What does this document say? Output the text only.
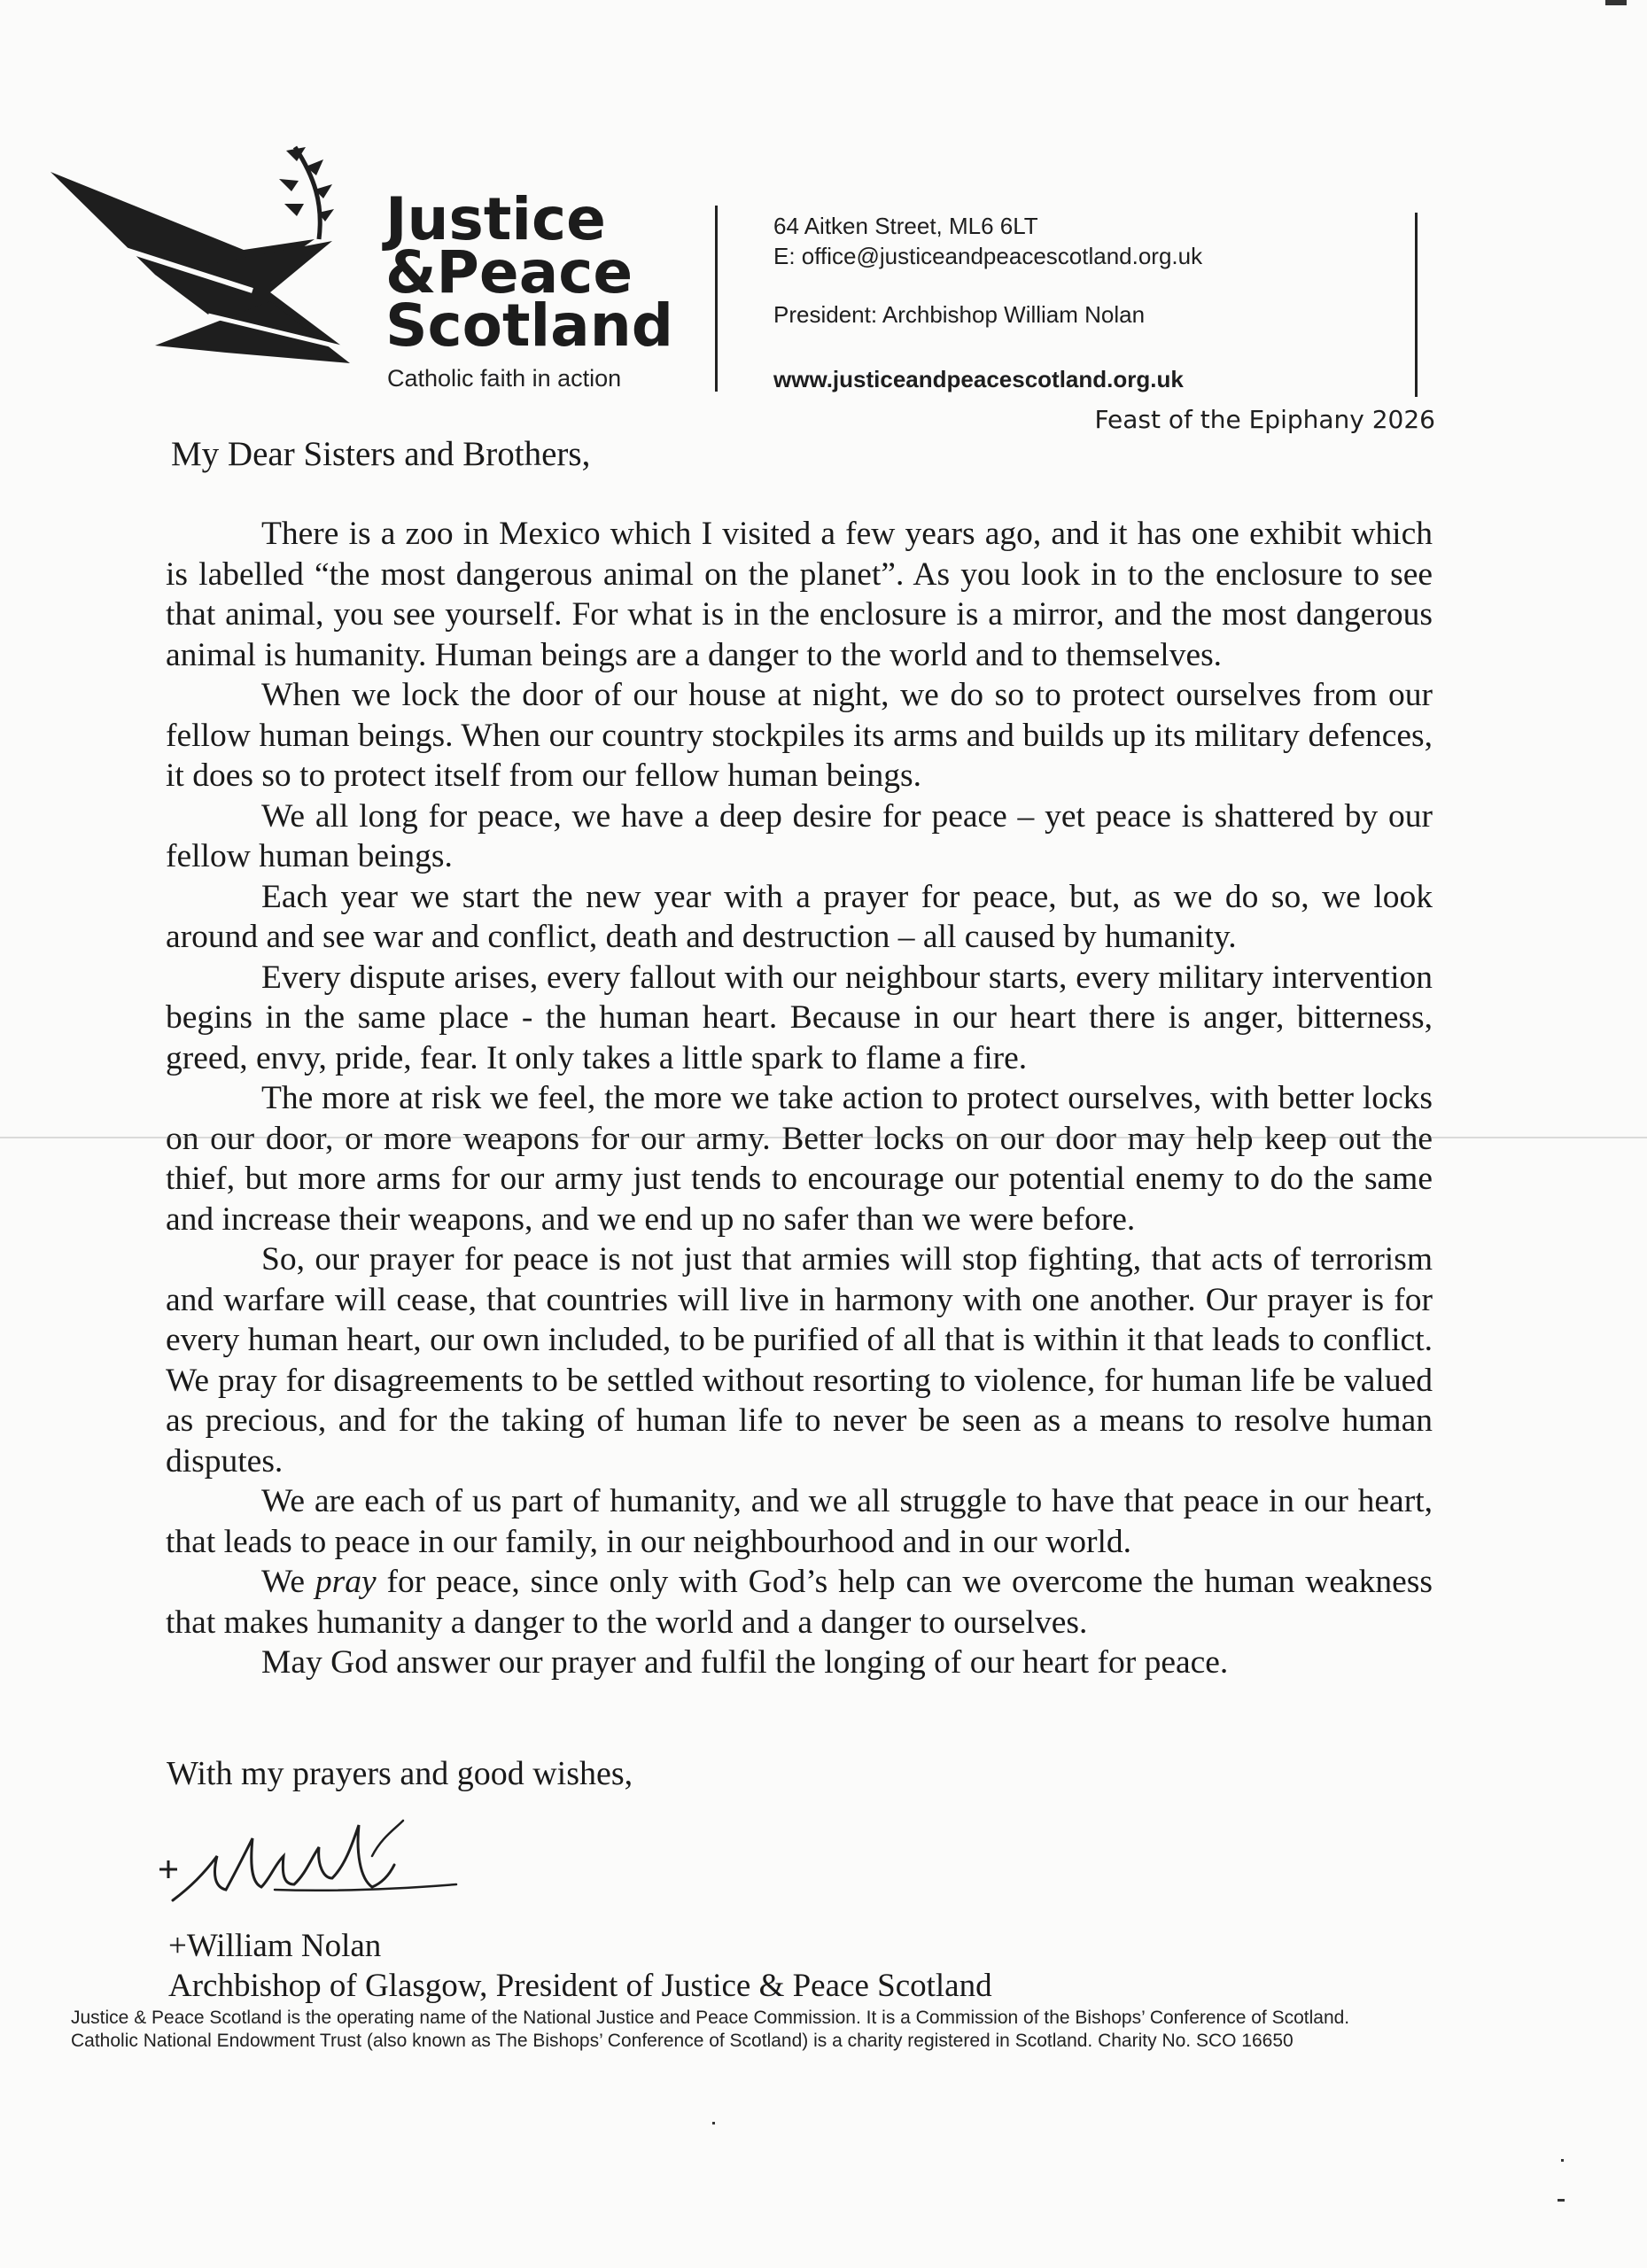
Justice
&Peace
Scotland
Catholic faith in action
64 Aitken Street, ML6 6LT
E: office@justiceandpeacescotland.org.uk
President: Archbishop William Nolan
www.justiceandpeacescotland.org.uk
Feast of the Epiphany 2026
My Dear Sisters and Brothers,

There is a zoo in Mexico which I visited a few years ago, and it has one exhibit which is labelled “the most dangerous animal on the planet”. As you look in to the enclosure to see that animal, you see yourself. For what is in the enclosure is a mirror, and the most dangerous animal is humanity. Human beings are a danger to the world and to themselves.

When we lock the door of our house at night, we do so to protect ourselves from our fellow human beings. When our country stockpiles its arms and builds up its military defences, it does so to protect itself from our fellow human beings.

We all long for peace, we have a deep desire for peace – yet peace is shattered by our fellow human beings.

Each year we start the new year with a prayer for peace, but, as we do so, we look around and see war and conflict, death and destruction – all caused by humanity.

Every dispute arises, every fallout with our neighbour starts, every military intervention begins in the same place - the human heart. Because in our heart there is anger, bitterness, greed, envy, pride, fear. It only takes a little spark to flame a fire.

The more at risk we feel, the more we take action to protect ourselves, with better locks on our door, or more weapons for our army. Better locks on our door may help keep out the thief, but more arms for our army just tends to encourage our potential enemy to do the same and increase their weapons, and we end up no safer than we were before.

So, our prayer for peace is not just that armies will stop fighting, that acts of terrorism and warfare will cease, that countries will live in harmony with one another. Our prayer is for every human heart, our own included, to be purified of all that is within it that leads to conflict. We pray for disagreements to be settled without resorting to violence, for human life be valued as precious, and for the taking of human life to never be seen as a means to resolve human disputes.

We are each of us part of humanity, and we all struggle to have that peace in our heart, that leads to peace in our family, in our neighbourhood and in our world.

We pray for peace, since only with God’s help can we overcome the human weakness that makes humanity a danger to the world and a danger to ourselves.

May God answer our prayer and fulfil the longing of our heart for peace.

With my prayers and good wishes,
+William Nolan
Archbishop of Glasgow, President of Justice & Peace Scotland
Justice & Peace Scotland is the operating name of the National Justice and Peace Commission. It is a Commission of the Bishops’ Conference of Scotland.
Catholic National Endowment Trust (also known as The Bishops’ Conference of Scotland) is a charity registered in Scotland. Charity No. SCO 16650
